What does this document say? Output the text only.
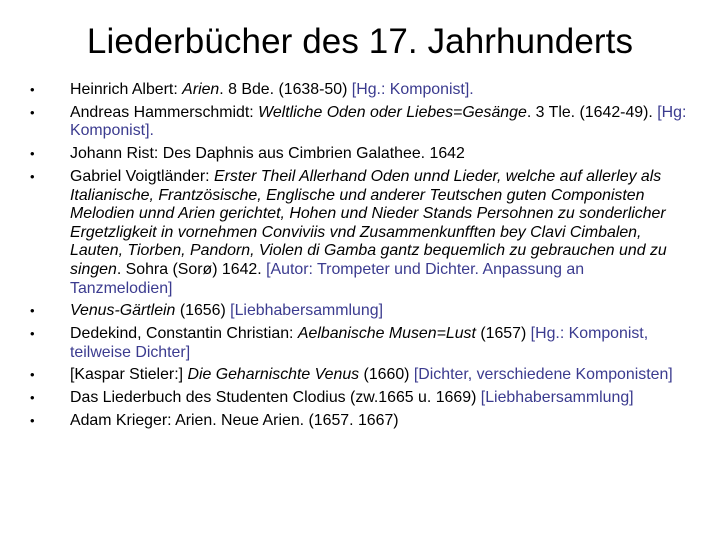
Liederbücher des 17. Jahrhunderts
•	Heinrich Albert: Arien. 8 Bde. (1638-50) [Hg.: Komponist].
•	Andreas Hammerschmidt: Weltliche Oden oder Liebes=Gesänge. 3 Tle. (1642-49). [Hg: Komponist].
•	Johann Rist: Des Daphnis aus Cimbrien Galathee. 1642
•	Gabriel Voigtländer: Erster Theil Allerhand Oden unnd Lieder, welche auf allerley als Italianische, Frantzösische, Englische und anderer Teutschen guten Componisten Melodien unnd Arien gerichtet, Hohen und Nieder Stands Persohnen zu sonderlicher Ergetzligkeit in vornehmen Conviviis vnd Zusammenkunfften bey Clavi Cimbalen, Lauten, Tiorben, Pandorn, Violen di Gamba gantz bequemlich zu gebrauchen und zu singen. Sohra (Sorø) 1642. [Autor: Trompeter und Dichter. Anpassung an Tanzmelodien]
•	Venus-Gärtlein (1656) [Liebhabersammlung]
•	Dedekind, Constantin Christian: Aelbanische Musen=Lust (1657) [Hg.: Komponist, teilweise Dichter]
•	[Kaspar Stieler:] Die Geharnischte Venus (1660) [Dichter, verschiedene Komponisten]
•	Das Liederbuch des Studenten Clodius (zw.1665 u. 1669) [Liebhabersammlung]
•	Adam Krieger: Arien. Neue Arien. (1657. 1667)
